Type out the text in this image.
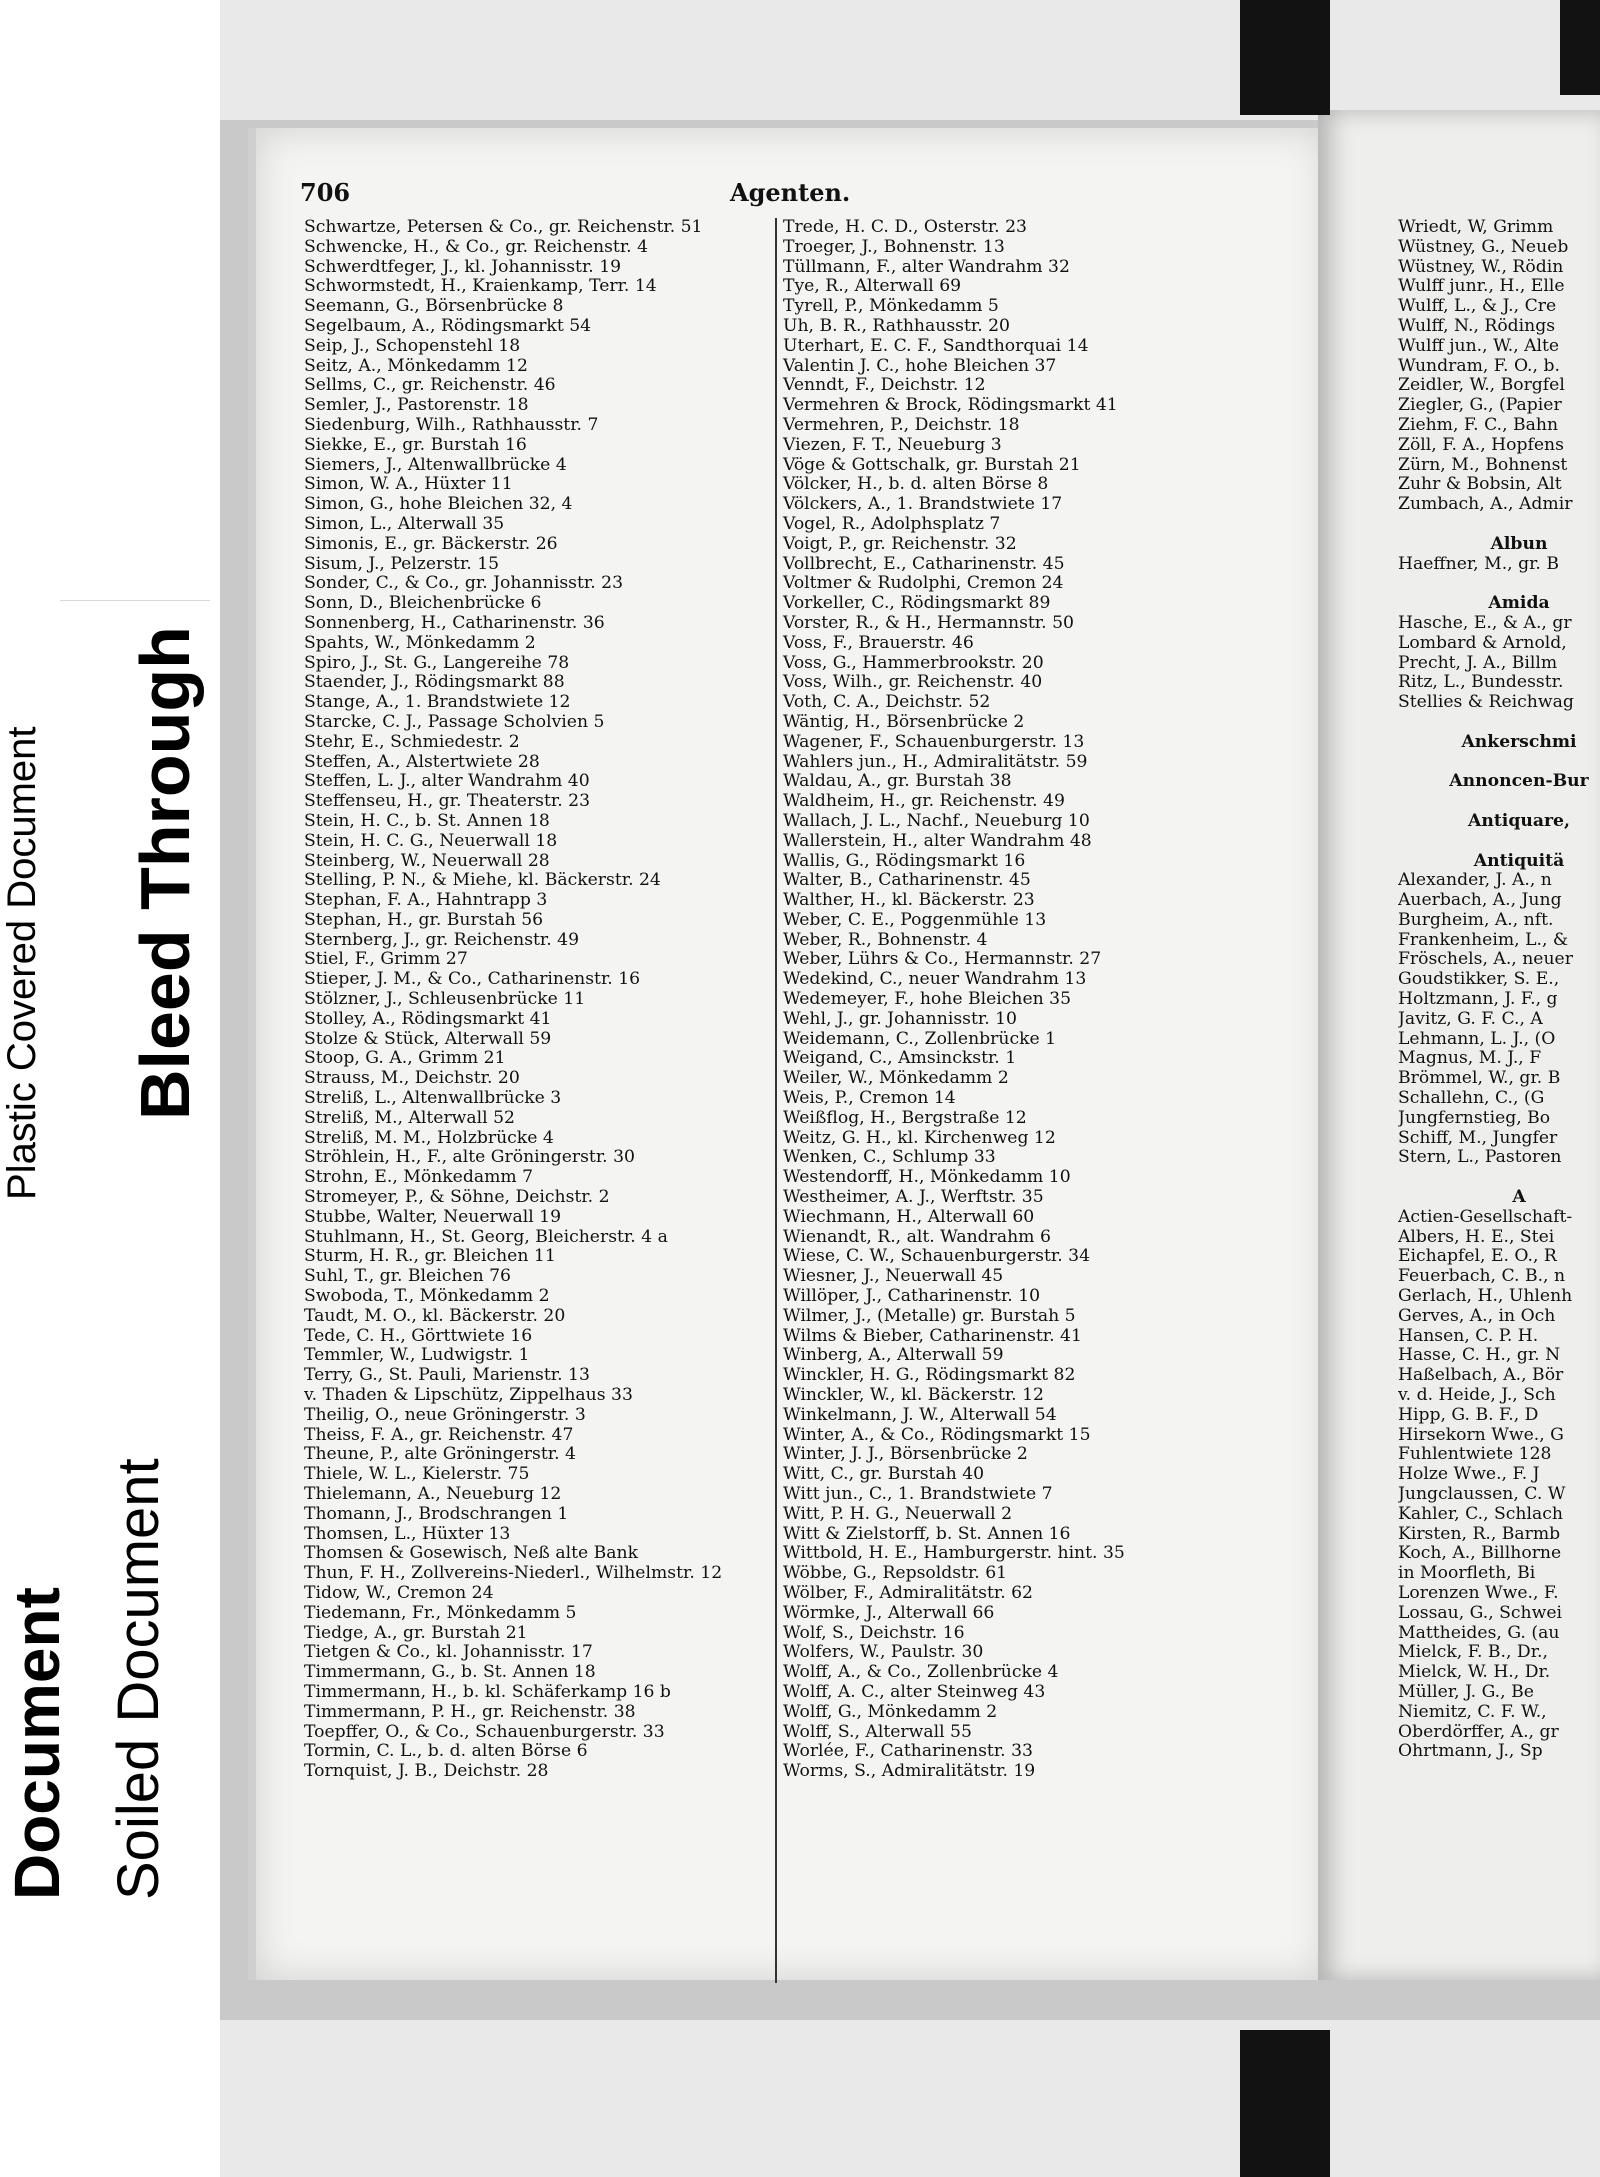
Plastic Covered Document Bleed Through
Document Soiled Document
706	Agenten.
Schwartze, Petersen & Co., gr. Reichenstr. 51
Schwencke, H., & Co., gr. Reichenstr. 4
Schwerdtfeger, J., kl. Johannisstr. 19
Schwormstedt, H., Kraienkamp, Terr. 14
Seemann, G., Börsenbrücke 8
Segelbaum, A., Rödingsmarkt 54
Seip, J., Schopenstehl 18
Seitz, A., Mönkedamm 12
Sellms, C., gr. Reichenstr. 46
Semler, J., Pastorenstr. 18
Siedenburg, Wilh., Rathhausstr. 7
Siekke, E., gr. Burstah 16
Siemers, J., Altenwallbrücke 4
Simon, W. A., Hüxter 11
Simon, G., hohe Bleichen 32, 4
Simon, L., Alterwall 35
Simonis, E., gr. Bäckerstr. 26
Sisum, J., Pelzerstr. 15
Sonder, C., & Co., gr. Johannisstr. 23
Sonn, D., Bleichenbrücke 6
Sonnenberg, H., Catharinenstr. 36
Spahts, W., Mönkedamm 2
Spiro, J., St. G., Langereihe 78
Staender, J., Rödingsmarkt 88
Stange, A., 1. Brandstwiete 12
Starcke, C. J., Passage Scholvien 5
Stehr, E., Schmiedestr. 2
Steffen, A., Alstertwiete 28
Steffen, L. J., alter Wandrahm 40
Steffenseu, H., gr. Theaterstr. 23
Stein, H. C., b. St. Annen 18
Stein, H. C. G., Neuerwall 18
Steinberg, W., Neuerwall 28
Stelling, P. N., & Miehe, kl. Bäckerstr. 24
Stephan, F. A., Hahntrapp 3
Stephan, H., gr. Burstah 56
Sternberg, J., gr. Reichenstr. 49
Stiel, F., Grimm 27
Stieper, J. M., & Co., Catharinenstr. 16
Stölzner, J., Schleusenbrücke 11
Stolley, A., Rödingsmarkt 41
Stolze & Stück, Alterwall 59
Stoop, G. A., Grimm 21
Strauss, M., Deichstr. 20
Streliß, L., Altenwallbrücke 3
Streliß, M., Alterwall 52
Streliß, M. M., Holzbrücke 4
Ströhlein, H., F., alte Gröningerstr. 30
Strohn, E., Mönkedamm 7
Stromeyer, P., & Söhne, Deichstr. 2
Stubbe, Walter, Neuerwall 19
Stuhlmann, H., St. Georg, Bleicherstr. 4 a
Sturm, H. R., gr. Bleichen 11
Suhl, T., gr. Bleichen 76
Swoboda, T., Mönkedamm 2
Taudt, M. O., kl. Bäckerstr. 20
Tede, C. H., Görttwiete 16
Temmler, W., Ludwigstr. 1
Terry, G., St. Pauli, Marienstr. 13
v. Thaden & Lipschütz, Zippelhaus 33
Theilig, O., neue Gröningerstr. 3
Theiss, F. A., gr. Reichenstr. 47
Theune, P., alte Gröningerstr. 4
Thiele, W. L., Kielerstr. 75
Thielemann, A., Neueburg 12
Thomann, J., Brodschrangen 1
Thomsen, L., Hüxter 13
Thomsen & Gosewisch, Neß alte Bank
Thun, F. H., Zollvereins-Niederl., Wilhelmstr. 12
Tidow, W., Cremon 24
Tiedemann, Fr., Mönkedamm 5
Tiedge, A., gr. Burstah 21
Tietgen & Co., kl. Johannisstr. 17
Timmermann, G., b. St. Annen 18
Timmermann, H., b. kl. Schäferkamp 16 b
Timmermann, P. H., gr. Reichenstr. 38
Toepffer, O., & Co., Schauenburgerstr. 33
Tormin, C. L., b. d. alten Börse 6
Tornquist, J. B., Deichstr. 28
Trede, H. C. D., Osterstr. 23
Troeger, J., Bohnenstr. 13
Tüllmann, F., alter Wandrahm 32
Tye, R., Alterwall 69
Tyrell, P., Mönkedamm 5
Uh, B. R., Rathhausstr. 20
Uterhart, E. C. F., Sandthorquai 14
Valentin J. C., hohe Bleichen 37
Venndt, F., Deichstr. 12
Vermehren & Brock, Rödingsmarkt 41
Vermehren, P., Deichstr. 18
Viezen, F. T., Neueburg 3
Vöge & Gottschalk, gr. Burstah 21
Völcker, H., b. d. alten Börse 8
Völckers, A., 1. Brandstwiete 17
Vogel, R., Adolphsplatz 7
Voigt, P., gr. Reichenstr. 32
Vollbrecht, E., Catharinenstr. 45
Voltmer & Rudolphi, Cremon 24
Vorkeller, C., Rödingsmarkt 89
Vorster, R., & H., Hermannstr. 50
Voss, F., Brauerstr. 46
Voss, G., Hammerbrookstr. 20
Voss, Wilh., gr. Reichenstr. 40
Voth, C. A., Deichstr. 52
Wäntig, H., Börsenbrücke 2
Wagener, F., Schauenburgerstr. 13
Wahlers jun., H., Admiralitätstr. 59
Waldau, A., gr. Burstah 38
Waldheim, H., gr. Reichenstr. 49
Wallach, J. L., Nachf., Neueburg 10
Wallerstein, H., alter Wandrahm 48
Wallis, G., Rödingsmarkt 16
Walter, B., Catharinenstr. 45
Walther, H., kl. Bäckerstr. 23
Weber, C. E., Poggenmühle 13
Weber, R., Bohnenstr. 4
Weber, Lührs & Co., Hermannstr. 27
Wedekind, C., neuer Wandrahm 13
Wedemeyer, F., hohe Bleichen 35
Wehl, J., gr. Johannisstr. 10
Weidemann, C., Zollenbrücke 1
Weigand, C., Amsinckstr. 1
Weiler, W., Mönkedamm 2
Weis, P., Cremon 14
Weißflog, H., Bergstraße 12
Weitz, G. H., kl. Kirchenweg 12
Wenken, C., Schlump 33
Westendorff, H., Mönkedamm 10
Westheimer, A. J., Werftstr. 35
Wiechmann, H., Alterwall 60
Wienandt, R., alt. Wandrahm 6
Wiese, C. W., Schauenburgerstr. 34
Wiesner, J., Neuerwall 45
Willöper, J., Catharinenstr. 10
Wilmer, J., (Metalle) gr. Burstah 5
Wilms & Bieber, Catharinenstr. 41
Winberg, A., Alterwall 59
Winckler, H. G., Rödingsmarkt 82
Winckler, W., kl. Bäckerstr. 12
Winkelmann, J. W., Alterwall 54
Winter, A., & Co., Rödingsmarkt 15
Winter, J. J., Börsenbrücke 2
Witt, C., gr. Burstah 40
Witt jun., C., 1. Brandstwiete 7
Witt, P. H. G., Neuerwall 2
Witt & Zielstorff, b. St. Annen 16
Wittbold, H. E., Hamburgerstr. hint. 35
Wöbbe, G., Repsoldstr. 61
Wölber, F., Admiralitätstr. 62
Wörmke, J., Alterwall 66
Wolf, S., Deichstr. 16
Wolfers, W., Paulstr. 30
Wolff, A., & Co., Zollenbrücke 4
Wolff, A. C., alter Steinweg 43
Wolff, G., Mönkedamm 2
Wolff, S., Alterwall 55
Worlée, F., Catharinenstr. 33
Worms, S., Admiralitätstr. 19
Wriedt, W, Grimm
Wüstney, G., Neueb
Wüstney, W., Rödin
Wulff junr., H., Elle
Wulff, L., & J., Cre
Wulff, N., Rödings
Wulff jun., W., Alte
Wundram, F. O., b.
Zeidler, W., Borgfel
Ziegler, G., (Papier
Ziehm, F. C., Bahn
Zöll, F. A., Hopfens
Zürn, M., Bohnenst
Zuhr & Bobsin, Alt
Zumbach, A., Admir
Albun
Haeffner, M., gr. B
Amida
Hasche, E., & A., gr
Lombard & Arnold,
Precht, J. A., Billm
Ritz, L., Bundesstr.
Stellies & Reichwag
Ankerschmi
Annoncen-Bur
Antiquare,
Antiquitä
Alexander, J. A., n
Auerbach, A., Jung
Burgheim, A., nft.
Frankenheim, L., &
Fröschels, A., neuer
Goudstikker, S. E.,
Holtzmann, J. F., g
Javitz, G. F. C., A
Lehmann, L. J., (O
Magnus, M. J., F
Brömmel, W., gr. B
Schallehn, C., (G
Jungfernstieg, Bo
Schiff, M., Jungfer
Stern, L., Pastoren
A
Actien-Gesellschaft-
Albers, H. E., Stei
Eichapfel, E. O., R
Feuerbach, C. B., n
Gerlach, H., Uhlenh
Gerves, A., in Och
Hansen, C. P. H.
Hasse, C. H., gr. N
Haßelbach, A., Bör
v. d. Heide, J., Sch
Hipp, G. B. F., D
Hirsekorn Wwe., G
Fuhlentwiete 128
Holze Wwe., F. J
Jungclaussen, C. W
Kahler, C., Schlach
Kirsten, R., Barmb
Koch, A., Billhorne
in Moorfleth, Bi
Lorenzen Wwe., F.
Lossau, G., Schwei
Mattheides, G. (au
Mielck, F. B., Dr.,
Mielck, W. H., Dr.
Müller, J. G., Be
Niemitz, C. F. W.,
Oberdörffer, A., gr
Ohrtmann, J., Sp
